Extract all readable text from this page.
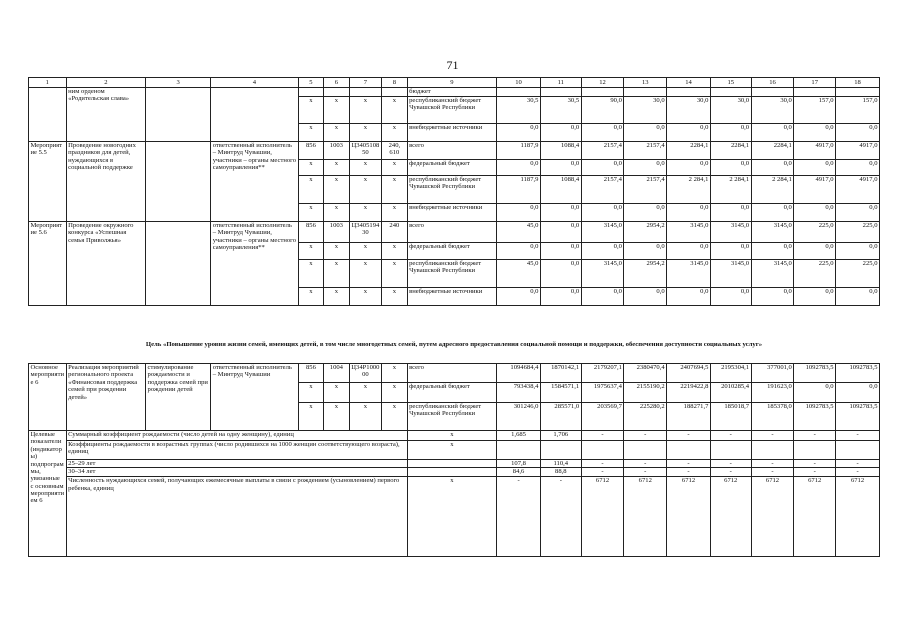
71
1	2	3	4	5	6	7	8	9	10	11	12	13	14	15	16	17	18
	ним орденом «Родительская слава»							бюджет									
				x	x	x	x	республиканский бюджет Чувашской Республики	30,5	30,5	90,0	30,0	30,0	30,0	30,0	157,0	157,0
				x	x	x	x	внебюджетные источники	0,0	0,0	0,0	0,0	0,0	0,0	0,0	0,0	0,0
Мероприятие 5.5	Проведение новогодних праздников для детей, нуждающихся в социальной поддержке		ответственный исполнитель – Минтруд Чувашии, участники – органы местного самоуправления**	856	1003	Ц340510850	240, 610	всего	1187,9	1088,4	2157,4	2157,4	2284,1	2284,1	2284,1	4917,0	4917,0
				x	x	x	x	федеральный бюджет	0,0	0,0	0,0	0,0	0,0	0,0	0,0	0,0	0,0
				x	x	x	x	республиканский бюджет Чувашской Республики	1187,9	1088,4	2157,4	2157,4	2 284,1	2 284,1	2 284,1	4917,0	4917,0
				x	x	x	x	внебюджетные источники	0,0	0,0	0,0	0,0	0,0	0,0	0,0	0,0	0,0
Мероприятие 5.6	Проведение окружного конкурса «Успешная семья Приволжья»		ответственный исполнитель – Минтруд Чувашии, участники – органы местного самоуправления**	856	1003	Ц340519430	240	всего	45,0	0,0	3145,0	2954,2	3145,0	3145,0	3145,0	225,0	225,0
				x	x	x	x	федеральный бюджет	0,0	0,0	0,0	0,0	0,0	0,0	0,0	0,0	0,0
				x	x	x	x	республиканский бюджет Чувашской Республики	45,0	0,0	3145,0	2954,2	3145,0	3145,0	3145,0	225,0	225,0
				x	x	x	x	внебюджетные источники	0,0	0,0	0,0	0,0	0,0	0,0	0,0	0,0	0,0
Цель «Повышение уровня жизни семей, имеющих детей, в том числе многодетных семей, путем адресного предоставления социальной помощи и поддержки, обеспечения доступности социальных услуг»
Основное мероприятие 6	Реализация мероприятий регионального проекта «Финансовая поддержка семей при рождении детей»	стимулирование рождаемости и поддержка семей при рождении детей	ответственный исполнитель – Минтруд Чувашии	856	1004	Ц34Р100000	x	всего	1094684,4	1870142,1	2179207,1	2380470,4	2407694,5	2195304,1	377001,0	1092783,5	1092783,5
				x	x	x	x	федеральный бюджет	793438,4	1584571,1	1975637,4	2155190,2	2219422,8	2010285,4	191623,0	0,0	0,0
				x	x	x	x	республиканский бюджет Чувашской Республики	301246,0	285571,0	203569,7	225280,2	188271,7	185018,7	185378,0	1092783,5	1092783,5
Целевые показатели (индикаторы) подпрограммы, увязанные с основным мероприятием 6	Суммарный коэффициент рождаемости (число детей на одну женщину), единиц							x	1,685	1,706	-	-	-	-	-	-	-
	Коэффициенты рождаемости в возрастных группах (число родившихся на 1000 женщин соответствующего возраста), единиц							x									
	25–29 лет								107,8	110,4	-	-	-	-	-	-	-
	30–34 лет								84,6	88,8	-	-	-	-	-	-	-
	Численность нуждающихся семей, получающих ежемесячные выплаты в связи с рождением (усыновлением) первого ребенка, единиц							x	-	-	6712	6712	6712	6712	6712	6712	6712
